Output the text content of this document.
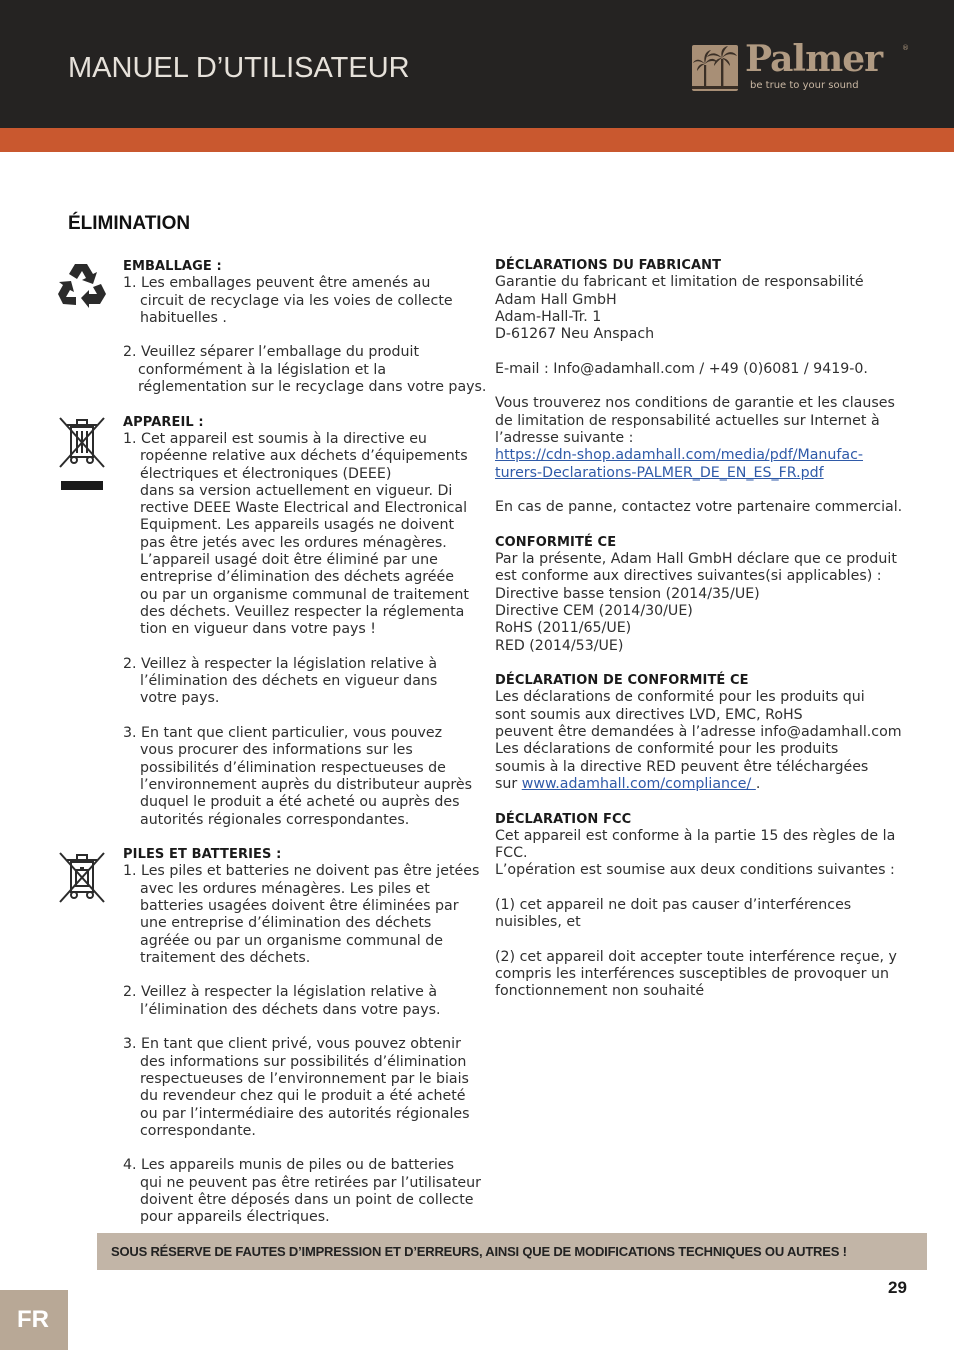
MANUEL D’UTILISATEUR	Palmer	®
be true to your sound
ÉLIMINATION
EMBALLAGE :
1. Les emballages peuvent être amenés au
circuit de recyclage via les voies de collecte
habituelles .
2. Veuillez séparer l’emballage du produit
conformément à la législation et la
réglementation sur le recyclage dans votre pays.
APPAREIL :
1. Cet appareil est soumis à la directive eu
ropéenne relative aux déchets d’équipements
électriques et électroniques (DEEE)
dans sa version actuellement en vigueur. Di
rective DEEE Waste Electrical and Electronical
Equipment. Les appareils usagés ne doivent
pas être jetés avec les ordures ménagères.
L’appareil usagé doit être éliminé par une
entreprise d’élimination des déchets agréée
ou par un organisme communal de traitement
des déchets. Veuillez respecter la réglementa
tion en vigueur dans votre pays !
2. Veillez à respecter la législation relative à
l’élimination des déchets en vigueur dans
votre pays.
3. En tant que client particulier, vous pouvez
vous procurer des informations sur les
possibilités d’élimination respectueuses de
l’environnement auprès du distributeur auprès
duquel le produit a été acheté ou auprès des
autorités régionales correspondantes.
PILES ET BATTERIES :
1. Les piles et batteries ne doivent pas être jetées
avec les ordures ménagères. Les piles et
batteries usagées doivent être éliminées par
une entreprise d’élimination des déchets
agréée ou par un organisme communal de
traitement des déchets.
2. Veillez à respecter la législation relative à
l’élimination des déchets dans votre pays.
3. En tant que client privé, vous pouvez obtenir
des informations sur possibilités d’élimination
respectueuses de l’environnement par le biais
du revendeur chez qui le produit a été acheté
ou par l’intermédiaire des autorités régionales
correspondante.
4. Les appareils munis de piles ou de batteries
qui ne peuvent pas être retirées par l’utilisateur
doivent être déposés dans un point de collecte
pour appareils électriques.
DÉCLARATIONS DU FABRICANT
Garantie du fabricant et limitation de responsabilité
Adam Hall GmbH
Adam-Hall-Tr. 1
D-61267 Neu Anspach
E-mail : Info@adamhall.com / +49 (0)6081 / 9419-0.
Vous trouverez nos conditions de garantie et les clauses
de limitation de responsabilité actuelles sur Internet à
l’adresse suivante :
https://cdn-shop.adamhall.com/media/pdf/Manufac-
turers-Declarations-PALMER_DE_EN_ES_FR.pdf
En cas de panne, contactez votre partenaire commercial.
CONFORMITÉ CE
Par la présente, Adam Hall GmbH déclare que ce produit
est conforme aux directives suivantes(si applicables) :
Directive basse tension (2014/35/UE)
Directive CEM (2014/30/UE)
RoHS (2011/65/UE)
RED (2014/53/UE)
DÉCLARATION DE CONFORMITÉ CE
Les déclarations de conformité pour les produits qui
sont soumis aux directives LVD, EMC, RoHS
peuvent être demandées à l’adresse info@adamhall.com
Les déclarations de conformité pour les produits
soumis à la directive RED peuvent être téléchargées
sur www.adamhall.com/compliance/ .
DÉCLARATION FCC
Cet appareil est conforme à la partie 15 des règles de la
FCC.
L’opération est soumise aux deux conditions suivantes :
(1) cet appareil ne doit pas causer d’interférences
nuisibles, et
(2) cet appareil doit accepter toute interférence reçue, y
compris les interférences susceptibles de provoquer un
fonctionnement non souhaité
SOUS RÉSERVE DE FAUTES D’IMPRESSION ET D’ERREURS, AINSI QUE DE MODIFICATIONS TECHNIQUES OU AUTRES !
29
FR
